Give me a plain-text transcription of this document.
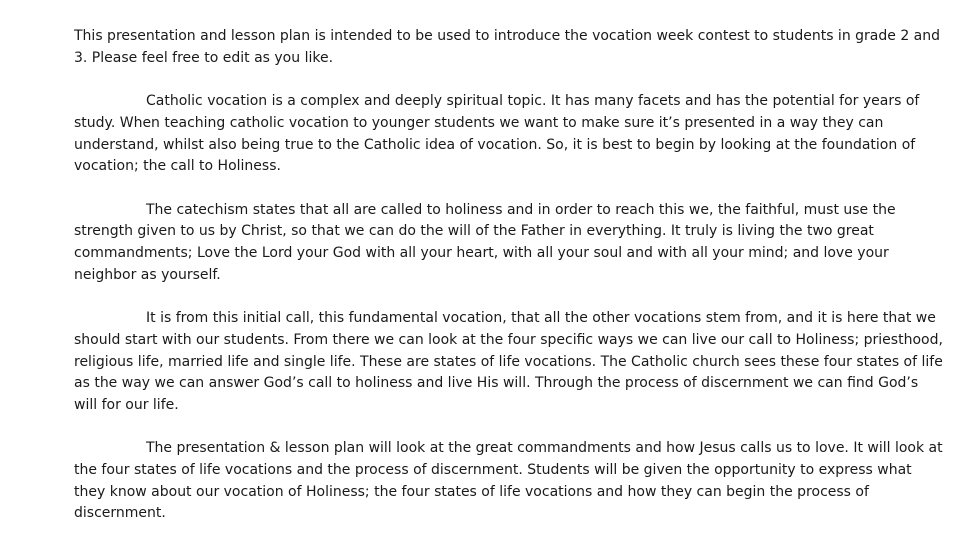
This presentation and lesson plan is intended to be used to introduce the vocation week contest to students in grade 2 and 3. Please feel free to edit as you like.

Catholic vocation is a complex and deeply spiritual topic. It has many facets and has the potential for years of study. When teaching catholic vocation to younger students we want to make sure it’s presented in a way they can understand, whilst also being true to the Catholic idea of vocation. So, it is best to begin by looking at the foundation of vocation; the call to Holiness.

The catechism states that all are called to holiness and in order to reach this we, the faithful, must use the strength given to us by Christ, so that we can do the will of the Father in everything. It truly is living the two great commandments; Love the Lord your God with all your heart, with all your soul and with all your mind; and love your neighbor as yourself.

It is from this initial call, this fundamental vocation, that all the other vocations stem from, and it is here that we should start with our students. From there we can look at the four specific ways we can live our call to Holiness; priesthood, religious life, married life and single life. These are states of life vocations. The Catholic church sees these four states of life as the way we can answer God’s call to holiness and live His will. Through the process of discernment we can find God’s will for our life.

The presentation & lesson plan will look at the great commandments and how Jesus calls us to love. It will look at the four states of life vocations and the process of discernment. Students will be given the opportunity to express what they know about our vocation of Holiness; the four states of life vocations and how they can begin the process of discernment.
